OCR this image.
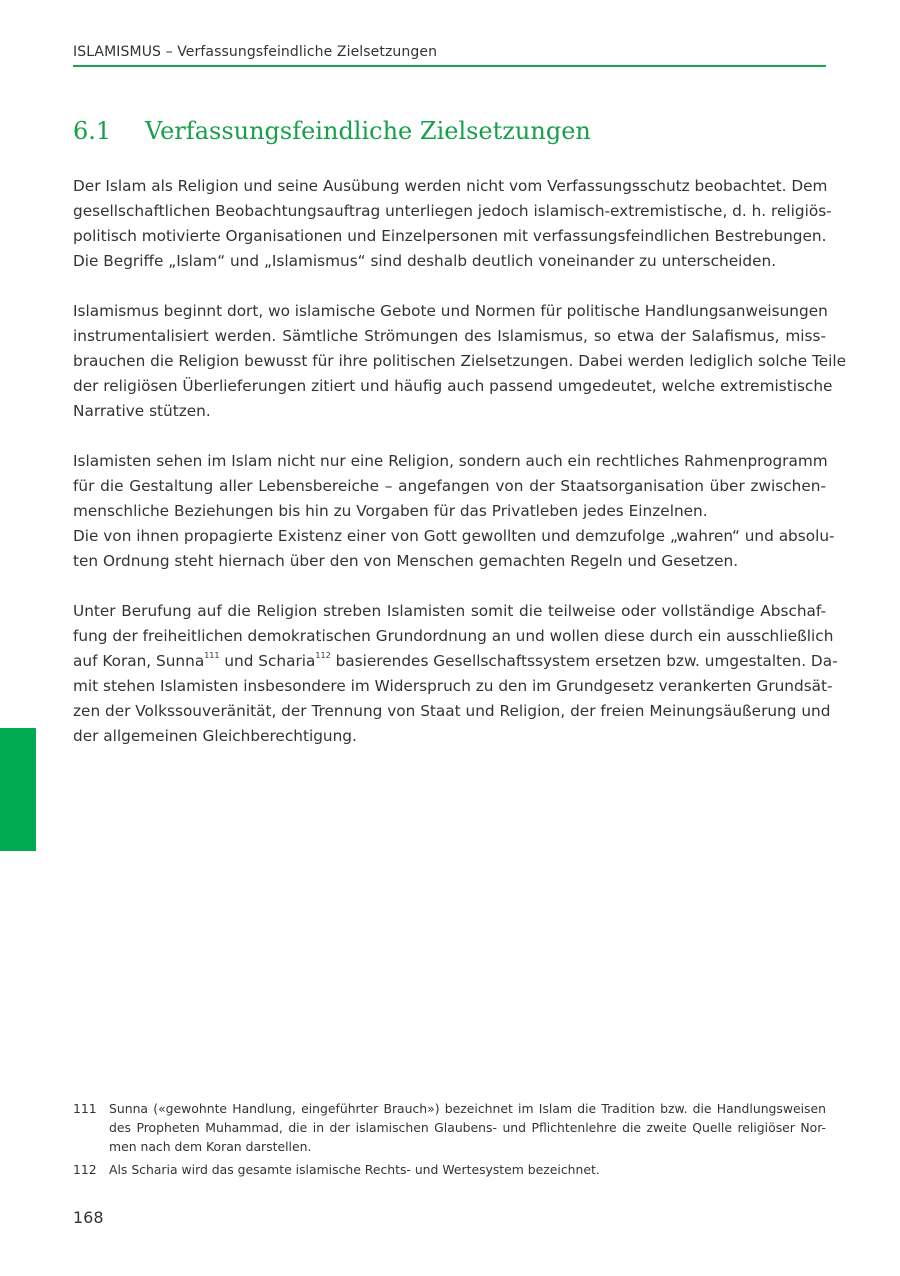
ISLAMISMUS – Verfassungsfeindliche Zielsetzungen
6.1 Verfassungsfeindliche Zielsetzungen

Der Islam als Religion und seine Ausübung werden nicht vom Verfassungsschutz beobachtet. Dem
gesellschaftlichen Beobachtungsauftrag unterliegen jedoch islamisch-extremistische, d. h. religiös-
politisch motivierte Organisationen und Einzelpersonen mit verfassungsfeindlichen Bestrebungen.
Die Begriffe „Islam“ und „Islamismus“ sind deshalb deutlich voneinander zu unterscheiden.

Islamismus beginnt dort, wo islamische Gebote und Normen für politische Handlungsanweisungen
instrumentalisiert werden. Sämtliche Strömungen des Islamismus, so etwa der Salafismus, miss-
brauchen die Religion bewusst für ihre politischen Zielsetzungen. Dabei werden lediglich solche Teile
der religiösen Überlieferungen zitiert und häufig auch passend umgedeutet, welche extremistische
Narrative stützen.

Islamisten sehen im Islam nicht nur eine Religion, sondern auch ein rechtliches Rahmenprogramm
für die Gestaltung aller Lebensbereiche – angefangen von der Staatsorganisation über zwischen-
menschliche Beziehungen bis hin zu Vorgaben für das Privatleben jedes Einzelnen.
Die von ihnen propagierte Existenz einer von Gott gewollten und demzufolge „wahren“ und absolu-
ten Ordnung steht hiernach über den von Menschen gemachten Regeln und Gesetzen.

Unter Berufung auf die Religion streben Islamisten somit die teilweise oder vollständige Abschaf-
fung der freiheitlichen demokratischen Grundordnung an und wollen diese durch ein ausschließlich
auf Koran, Sunna$^{111}$ und Scharia$^{112}$ basierendes Gesellschaftssystem ersetzen bzw. umgestalten. Da-
mit stehen Islamisten insbesondere im Widerspruch zu den im Grundgesetz verankerten Grundsät-
zen der Volkssouveränität, der Trennung von Staat und Religion, der freien Meinungsäußerung und
der allgemeinen Gleichberechtigung.

111 Sunna («gewohnte Handlung, eingeführter Brauch») bezeichnet im Islam die Tradition bzw. die Handlungsweisen
des Propheten Muhammad, die in der islamischen Glaubens- und Pflichtenlehre die zweite Quelle religiöser Nor-
men nach dem Koran darstellen.
112 Als Scharia wird das gesamte islamische Rechts- und Wertesystem bezeichnet.
168
